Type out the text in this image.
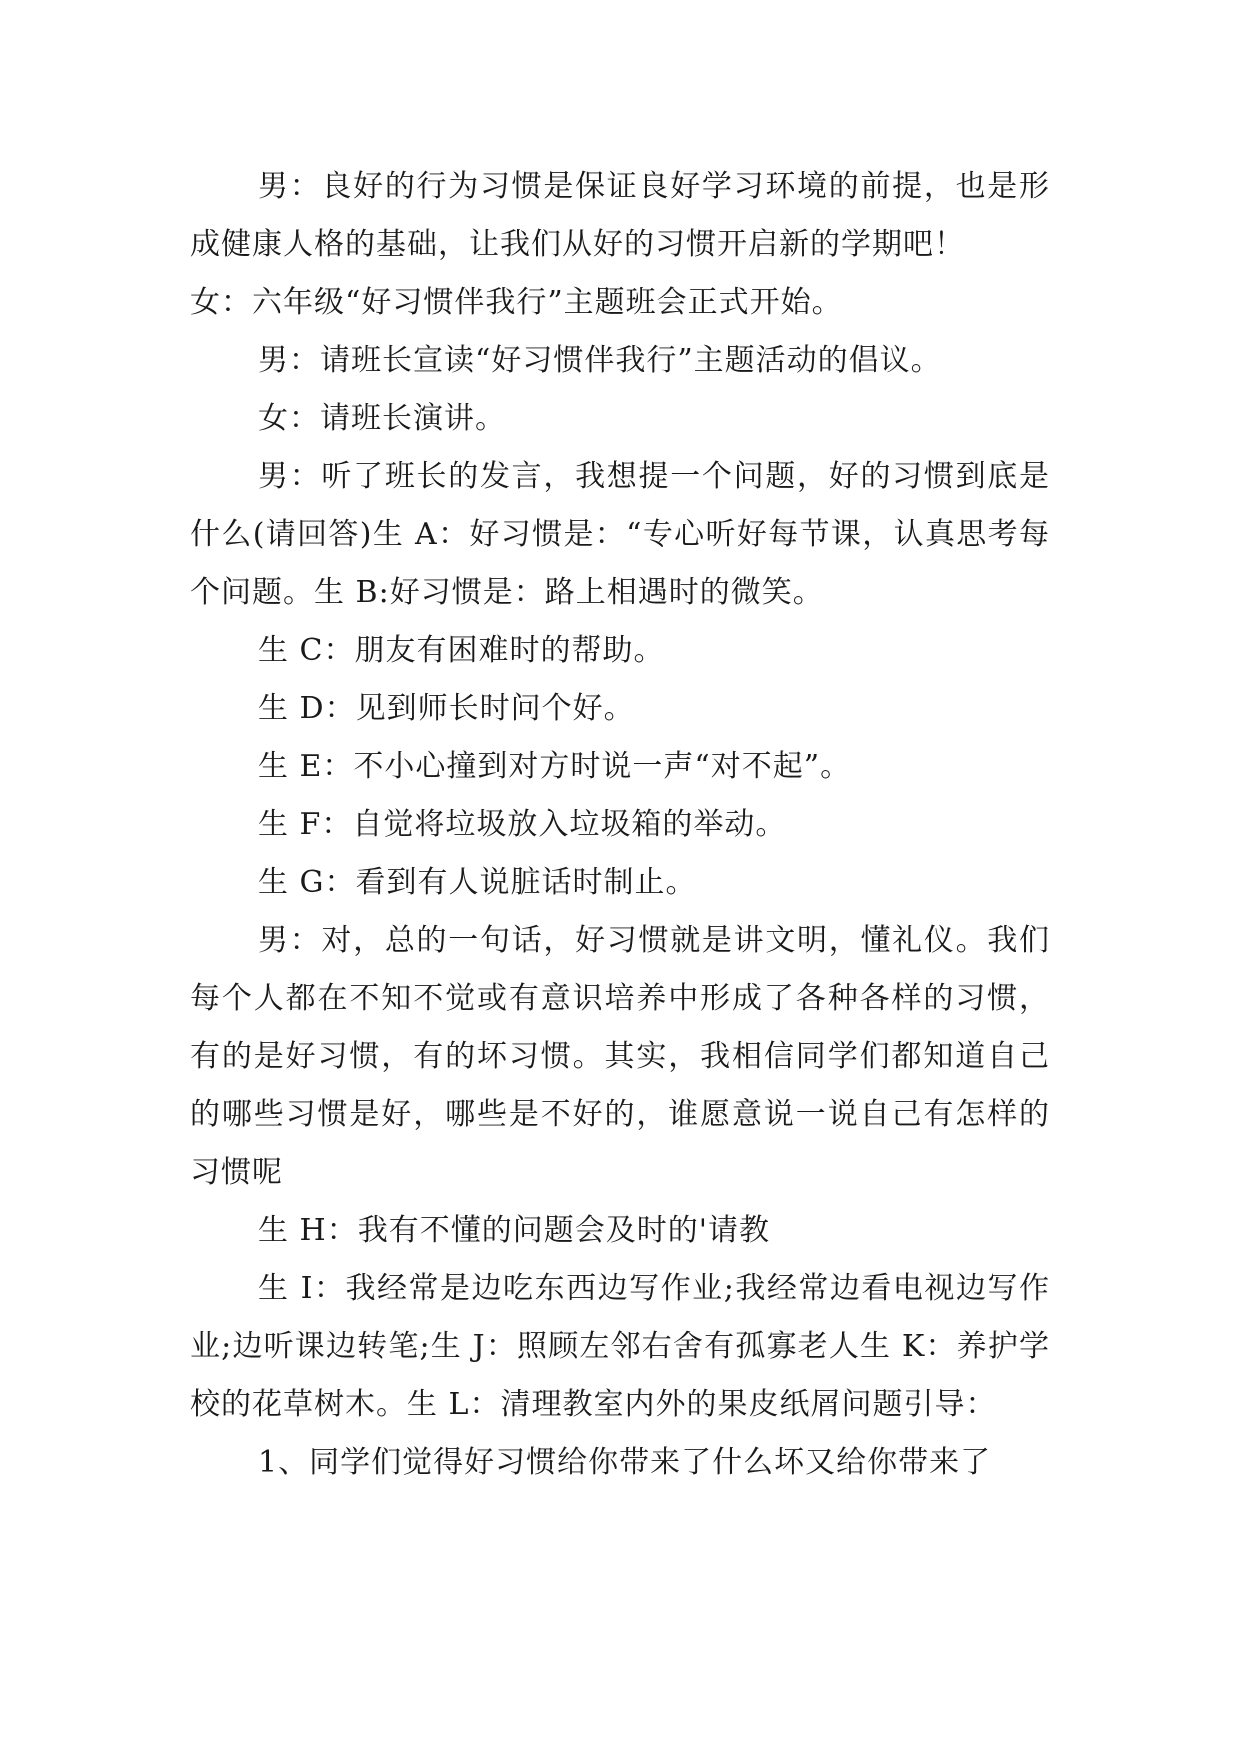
男：良好的行为习惯是保证良好学习环境的前提，也是形成健康人格的基础，让我们从好的习惯开启新的学期吧！

女：六年级“好习惯伴我行”主题班会正式开始。

男：请班长宣读“好习惯伴我行”主题活动的倡议。

女：请班长演讲。

男：听了班长的发言，我想提一个问题，好的习惯到底是什么(请回答)生 A：好习惯是：“专心听好每节课，认真思考每个问题。生 B:好习惯是：路上相遇时的微笑。

生 C：朋友有困难时的帮助。

生 D：见到师长时问个好。

生 E：不小心撞到对方时说一声“对不起”。

生 F：自觉将垃圾放入垃圾箱的举动。

生 G：看到有人说脏话时制止。

男：对，总的一句话，好习惯就是讲文明，懂礼仪。我们每个人都在不知不觉或有意识培养中形成了各种各样的习惯，有的是好习惯，有的坏习惯。其实，我相信同学们都知道自己的哪些习惯是好，哪些是不好的，谁愿意说一说自己有怎样的习惯呢

生 H：我有不懂的问题会及时的'请教

生 I：我经常是边吃东西边写作业;我经常边看电视边写作业;边听课边转笔;生 J：照顾左邻右舍有孤寡老人生 K：养护学校的花草树木。生 L：清理教室内外的果皮纸屑问题引导：

1、同学们觉得好习惯给你带来了什么坏又给你带来了
